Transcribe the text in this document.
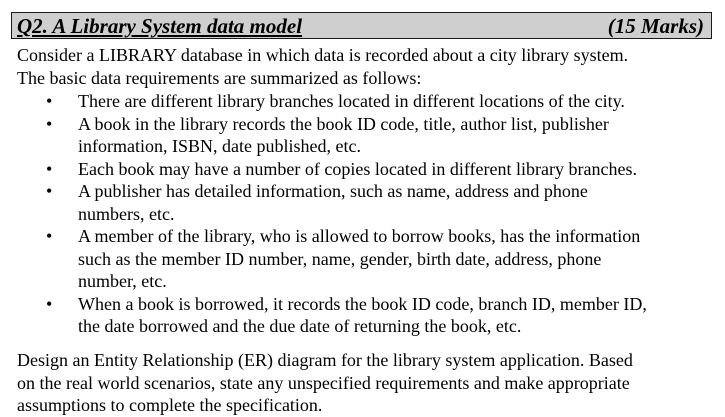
Q2. A Library System data model	(15 Marks)
Consider a LIBRARY database in which data is recorded about a city library system.
The basic data requirements are summarized as follows:
• There are different library branches located in different locations of the city.
• A book in the library records the book ID code, title, author list, publisher
information, ISBN, date published, etc.
• Each book may have a number of copies located in different library branches.
• A publisher has detailed information, such as name, address and phone
numbers, etc.
• A member of the library, who is allowed to borrow books, has the information
such as the member ID number, name, gender, birth date, address, phone
number, etc.
• When a book is borrowed, it records the book ID code, branch ID, member ID,
the date borrowed and the due date of returning the book, etc.
Design an Entity Relationship (ER) diagram for the library system application. Based
on the real world scenarios, state any unspecified requirements and make appropriate
assumptions to complete the specification.
